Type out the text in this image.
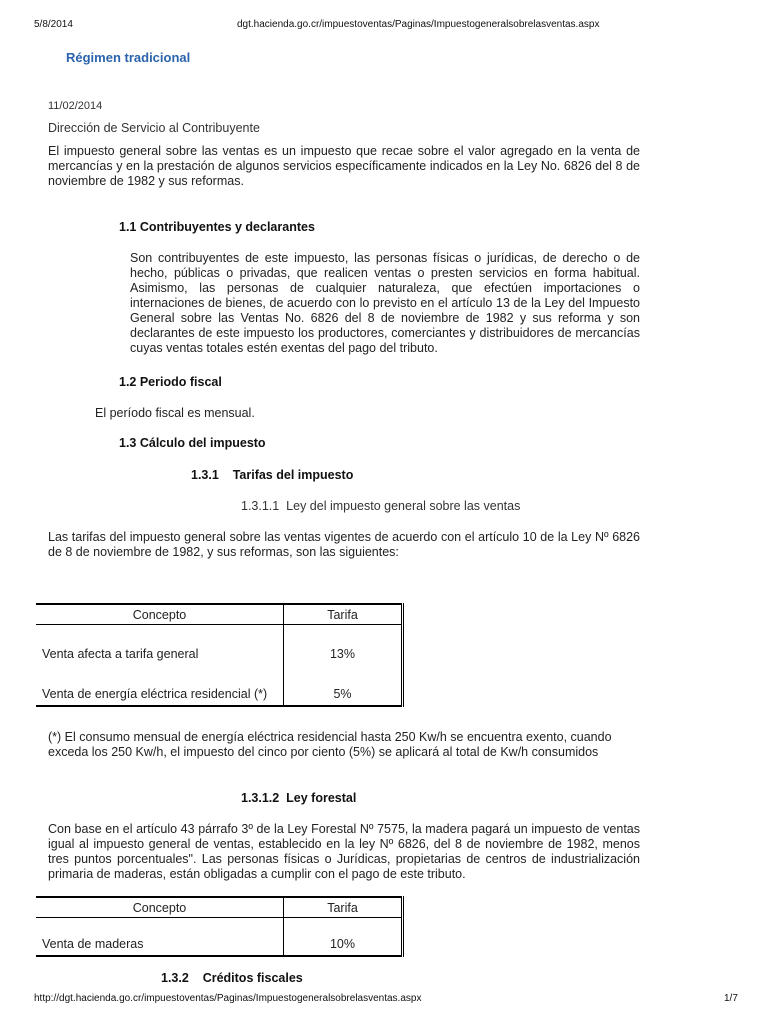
5/8/2014	dgt.hacienda.go.cr/impuestoventas/Paginas/Impuestogeneralsobrelasventas.aspx
Régimen tradicional
11/02/2014
Dirección de Servicio al Contribuyente
El impuesto general sobre las ventas es un impuesto que recae sobre el valor agregado en la venta de mercancías y en la prestación de algunos servicios específicamente indicados en la Ley No. 6826 del 8 de noviembre de 1982 y sus reformas.
1.1 Contribuyentes y declarantes
Son contribuyentes de este impuesto, las personas físicas o jurídicas, de derecho o de hecho, públicas o privadas, que realicen ventas o presten servicios en forma habitual. Asimismo, las personas de cualquier naturaleza, que efectúen importaciones o internaciones de bienes, de acuerdo con lo previsto en el artículo 13 de la Ley del Impuesto General sobre las Ventas No. 6826 del 8 de noviembre de 1982 y sus reforma y son declarantes de este impuesto los productores, comerciantes y distribuidores de mercancías cuyas ventas totales estén exentas del pago del tributo.
1.2 Periodo fiscal
El período fiscal es mensual.
1.3 Cálculo del impuesto
1.3.1    Tarifas del impuesto
1.3.1.1  Ley del impuesto general sobre las ventas
Las tarifas del impuesto general sobre las ventas vigentes de acuerdo con el artículo 10 de la Ley Nº 6826 de 8 de noviembre de 1982, y sus reformas, son las siguientes:
Concepto	Tarifa
Venta afecta a tarifa general	13%
Venta de energía eléctrica residencial (*)	5%
(*) El consumo mensual de energía eléctrica residencial hasta 250 Kw/h se encuentra exento, cuando exceda los 250 Kw/h, el impuesto del cinco por ciento (5%) se aplicará al total de Kw/h consumidos
1.3.1.2  Ley forestal
Con base en el artículo 43 párrafo 3º de la Ley Forestal Nº 7575, la madera pagará un impuesto de ventas igual al impuesto general de ventas, establecido en la ley Nº 6826, del 8 de noviembre de 1982, menos tres puntos porcentuales". Las personas físicas o Jurídicas, propietarias de centros de industrialización primaria de maderas, están obligadas a cumplir con el pago de este tributo.
Concepto	Tarifa
Venta de maderas	10%
1.3.2    Créditos fiscales
http://dgt.hacienda.go.cr/impuestoventas/Paginas/Impuestogeneralsobrelasventas.aspx	1/7
